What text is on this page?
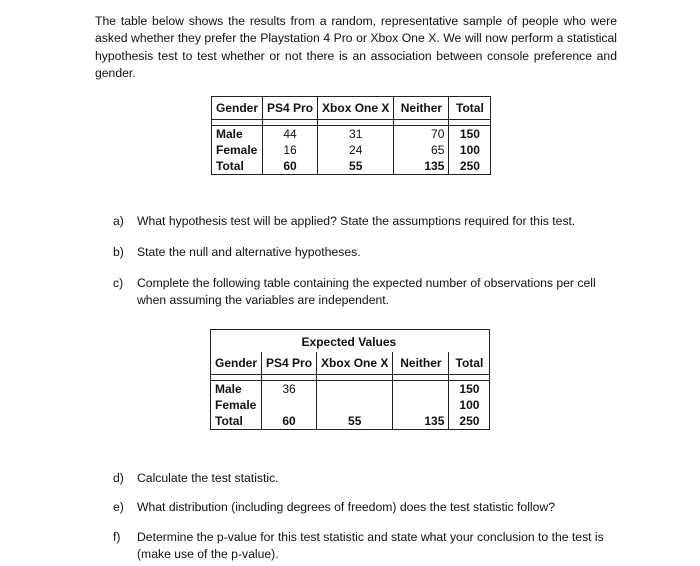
The table below shows the results from a random, representative sample of people who were asked whether they prefer the Playstation 4 Pro or Xbox One X. We will now perform a statistical hypothesis test to test whether or not there is an association between console preference and gender.

Gender	PS4 Pro	Xbox One X	Neither	Total

Male	44	31	70	150
Female	16	24	65	100
Total	60	55	135	250

a) What hypothesis test will be applied? State the assumptions required for this test.

b) State the null and alternative hypotheses.

c) Complete the following table containing the expected number of observations per cell when assuming the variables are independent.

	Expected Values			
Gender	PS4 Pro	Xbox One X	Neither	Total

Male	36			150
Female				100
Total	60	55	135	250

d) Calculate the test statistic.

e) What distribution (including degrees of freedom) does the test statistic follow?

f) Determine the p-value for this test statistic and state what your conclusion to the test is (make use of the p-value).
